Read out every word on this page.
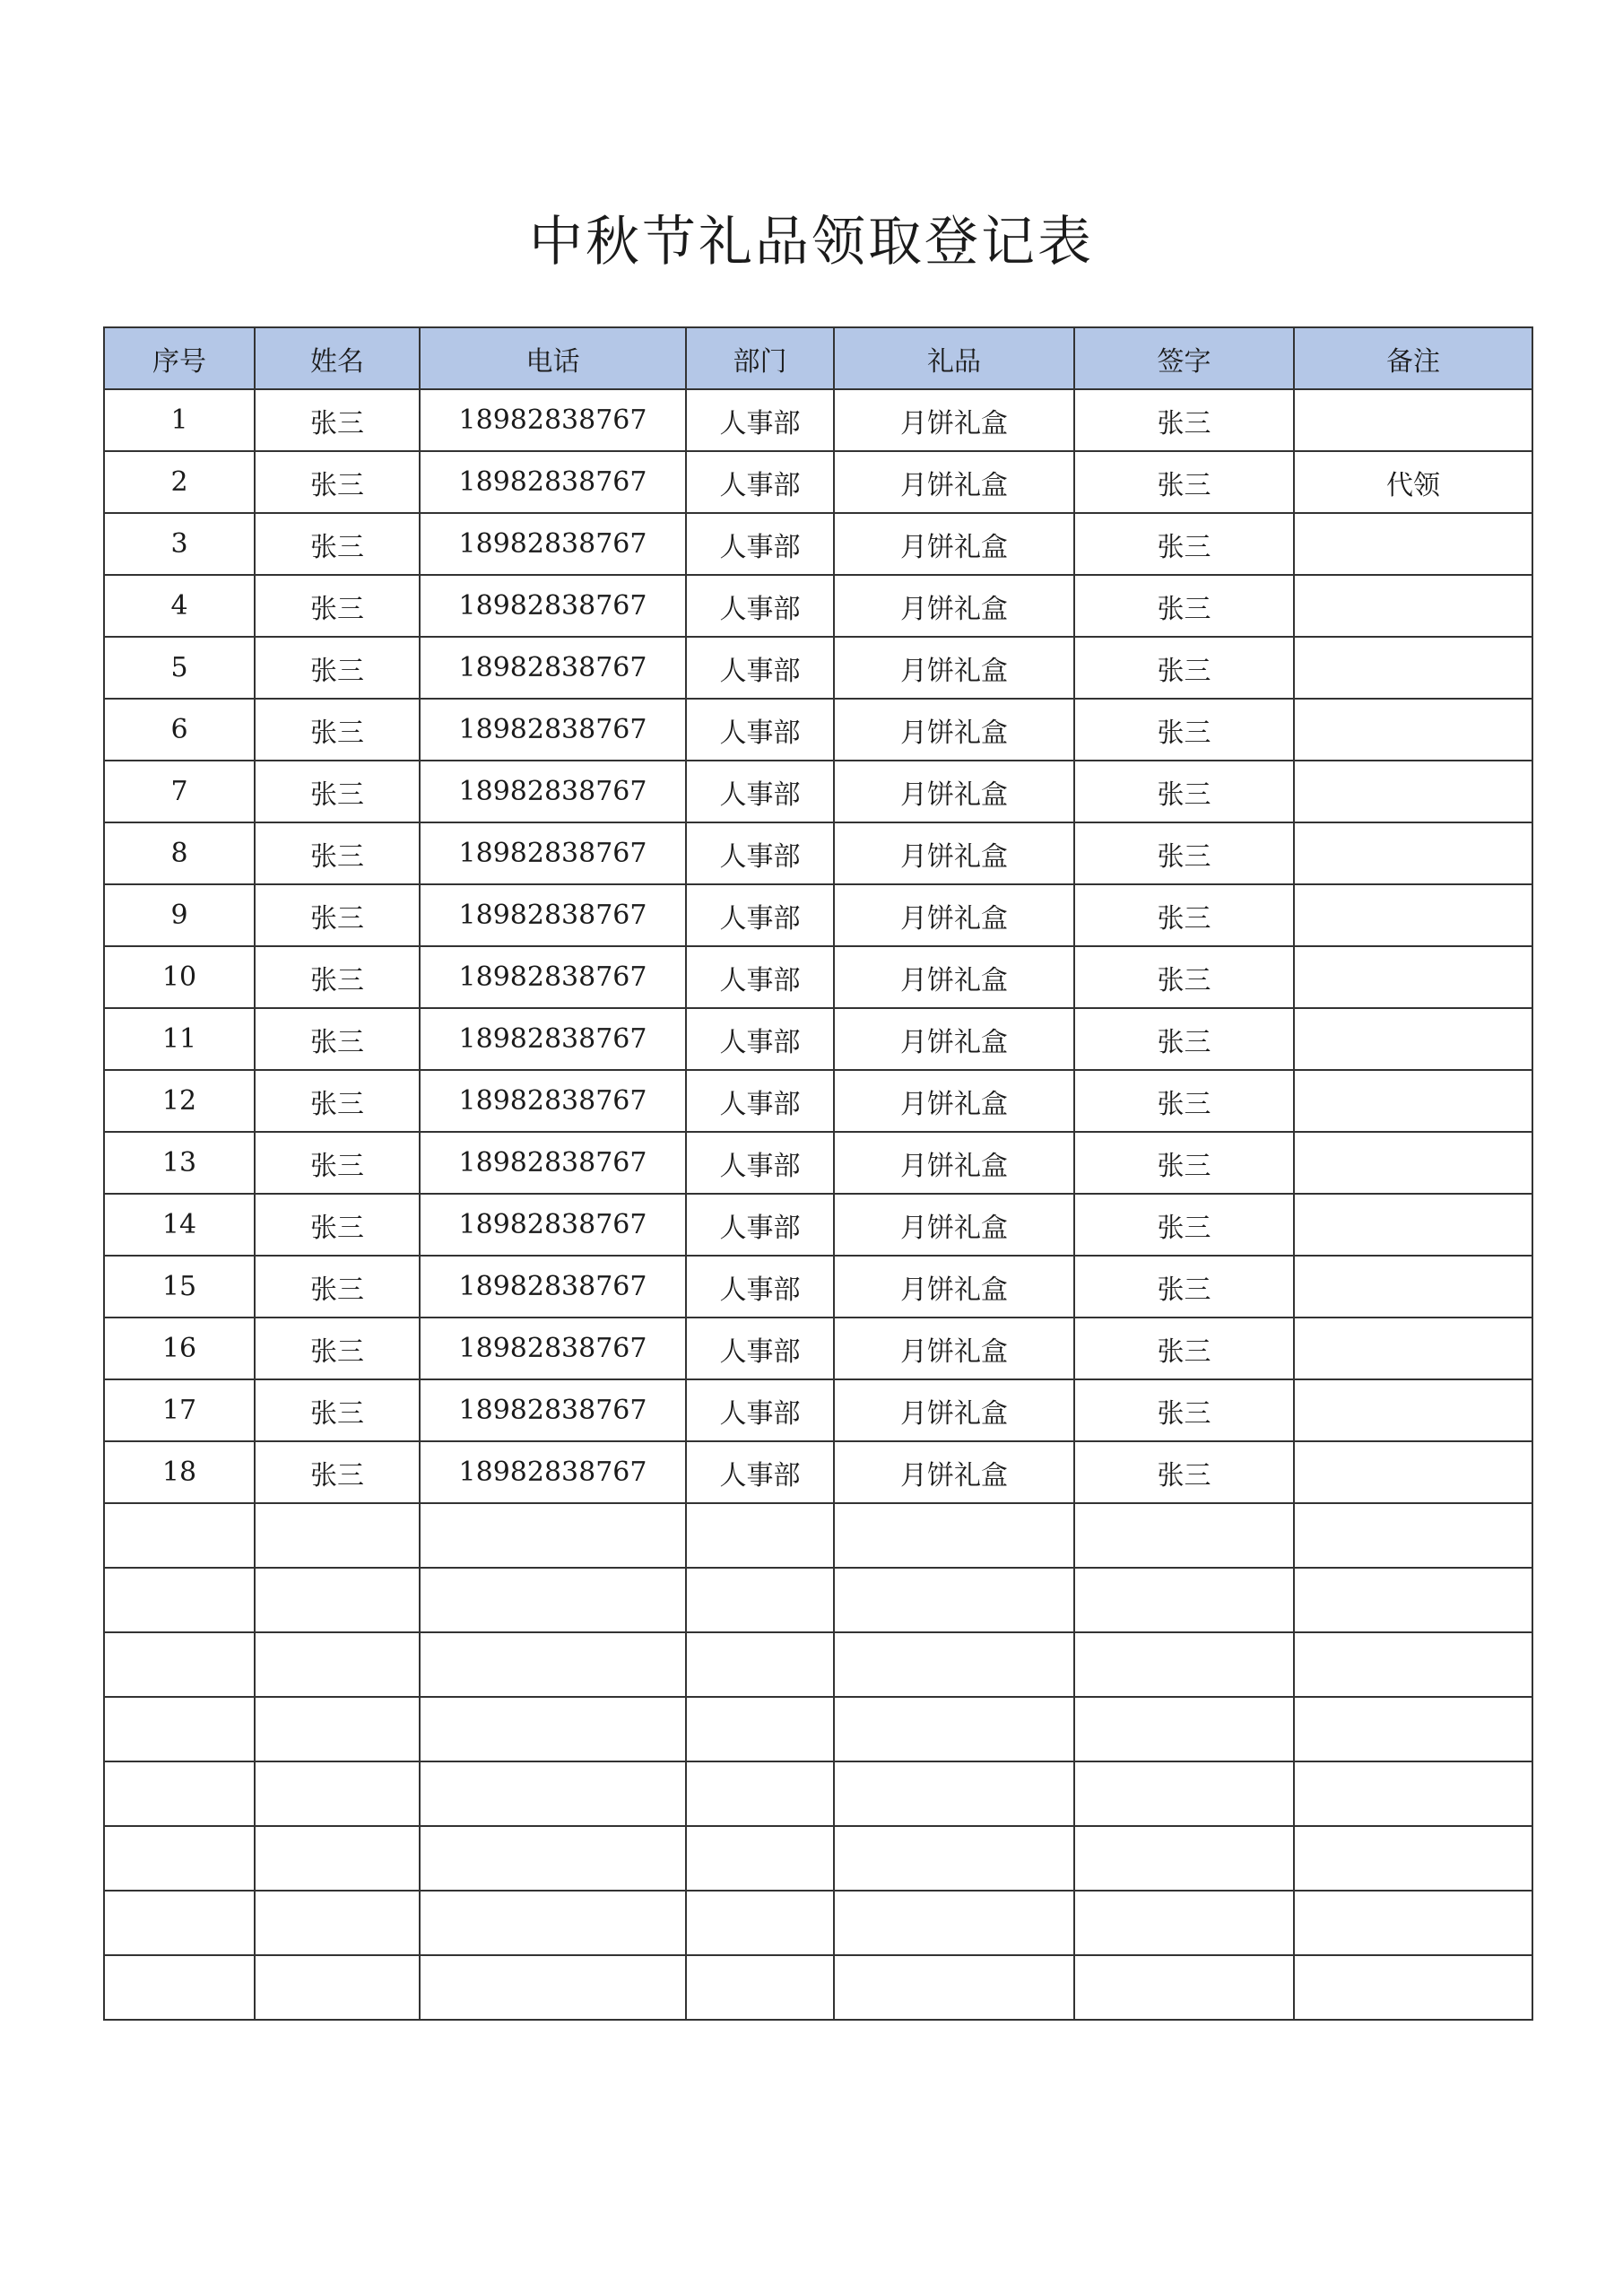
中秋节礼品领取登记表
序号	姓名	电话	部门	礼品	签字	备注
1	张三	18982838767	人事部	月饼礼盒	张三	
2	张三	18982838767	人事部	月饼礼盒	张三	代领
3	张三	18982838767	人事部	月饼礼盒	张三	
4	张三	18982838767	人事部	月饼礼盒	张三	
5	张三	18982838767	人事部	月饼礼盒	张三	
6	张三	18982838767	人事部	月饼礼盒	张三	
7	张三	18982838767	人事部	月饼礼盒	张三	
8	张三	18982838767	人事部	月饼礼盒	张三	
9	张三	18982838767	人事部	月饼礼盒	张三	
10	张三	18982838767	人事部	月饼礼盒	张三	
11	张三	18982838767	人事部	月饼礼盒	张三	
12	张三	18982838767	人事部	月饼礼盒	张三	
13	张三	18982838767	人事部	月饼礼盒	张三	
14	张三	18982838767	人事部	月饼礼盒	张三	
15	张三	18982838767	人事部	月饼礼盒	张三	
16	张三	18982838767	人事部	月饼礼盒	张三	
17	张三	18982838767	人事部	月饼礼盒	张三	
18	张三	18982838767	人事部	月饼礼盒	张三	
